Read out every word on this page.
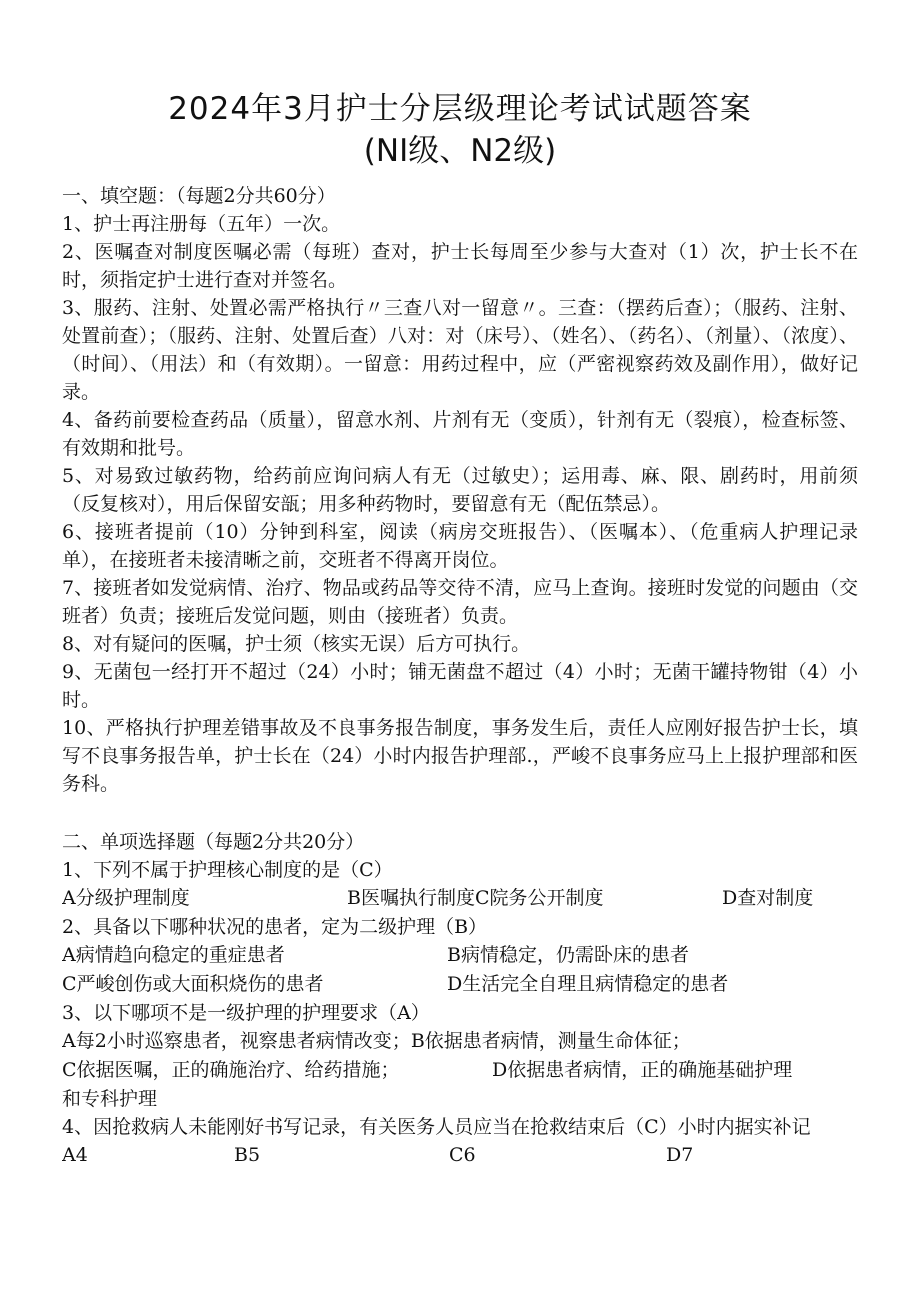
2024年3月护士分层级理论考试试题答案
(NI级、N2级)
一、填空题：（每题2分共60分）

1、护士再注册每（五年）一次。

2、医嘱查对制度医嘱必需（每班）查对，护士长每周至少参与大查对（1）次，护士长不在时，须指定护士进行查对并签名。

3、服药、注射、处置必需严格执行〃三查八对一留意〃。三查：（摆药后查）；（服药、注射、处置前查）；（服药、注射、处置后查）八对：对（床号）、（姓名）、（药名）、（剂量）、（浓度）、（时间）、（用法）和（有效期）。一留意：用药过程中，应（严密视察药效及副作用），做好记录。

4、备药前要检查药品（质量），留意水剂、片剂有无（变质），针剂有无（裂痕），检查标签、有效期和批号。

5、对易致过敏药物，给药前应询问病人有无（过敏史）；运用毒、麻、限、剧药时，用前须（反复核对），用后保留安瓿；用多种药物时，要留意有无（配伍禁忌）。

6、接班者提前（10）分钟到科室，阅读（病房交班报告）、（医嘱本）、（危重病人护理记录单），在接班者未接清晰之前，交班者不得离开岗位。

7、接班者如发觉病情、治疗、物品或药品等交待不清，应马上查询。接班时发觉的问题由（交班者）负责；接班后发觉问题，则由（接班者）负责。

8、对有疑问的医嘱，护士须（核实无误）后方可执行。

9、无菌包一经打开不超过（24）小时；铺无菌盘不超过（4）小时；无菌干罐持物钳（4）小时。

10、严格执行护理差错事故及不良事务报告制度，事务发生后，责任人应刚好报告护士长，填写不良事务报告单，护士长在（24）小时内报告护理部.，严峻不良事务应马上上报护理部和医务科。

二、单项选择题（每题2分共20分）

1、下列不属于护理核心制度的是（C）

A分级护理制度	B医嘱执行制度C院务公开制度	D查对制度

2、具备以下哪种状况的患者，定为二级护理（B）

A病情趋向稳定的重症患者	B病情稳定，仍需卧床的患者
C严峻创伤或大面积烧伤的患者	D生活完全自理且病情稳定的患者

3、以下哪项不是一级护理的护理要求（A）

A每2小时巡察患者，视察患者病情改变； B依据患者病情，测量生命体征；
C依据医嘱，正的确施治疗、给药措施；	D依据患者病情，正的确施基础护理

和专科护理

4、因抢救病人未能刚好书写记录，有关医务人员应当在抢救结束后（C）小时内据实补记

A4	B5	C6	D7
